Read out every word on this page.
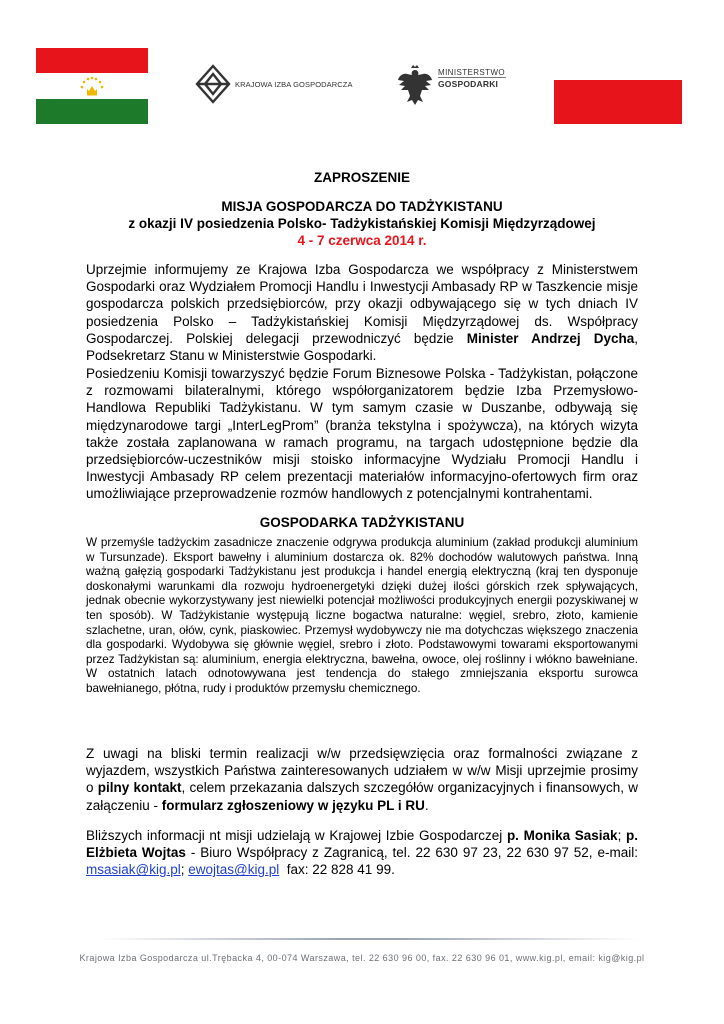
KRAJOWA IZBA GOSPODARCZA
MINISTERSTWO
GOSPODARKI
ZAPROSZENIE
MISJA GOSPODARCZA DO TADŻYKISTANU
z okazji IV posiedzenia Polsko- Tadżykistańskiej Komisji Międzyrządowej
4 - 7 czerwca 2014 r.
Uprzejmie informujemy ze Krajowa Izba Gospodarcza we współpracy z Ministerstwem Gospodarki oraz Wydziałem Promocji Handlu i Inwestycji Ambasady RP w Taszkencie misje gospodarcza polskich przedsiębiorców, przy okazji odbywającego się w tych dniach IV posiedzenia Polsko – Tadżykistańskiej Komisji Międzyrządowej ds. Współpracy Gospodarczej. Polskiej delegacji przewodniczyć będzie Minister Andrzej Dycha, Podsekretarz Stanu w Ministerstwie Gospodarki.
Posiedzeniu Komisji towarzyszyć będzie Forum Biznesowe Polska - Tadżykistan, połączone z rozmowami bilateralnymi, którego współorganizatorem będzie Izba Przemysłowo-Handlowa Republiki Tadżykistanu. W tym samym czasie w Duszanbe, odbywają się międzynarodowe targi „InterLegProm” (branża tekstylna i spożywcza), na których wizyta także została zaplanowana w ramach programu, na targach udostępnione będzie dla przedsiębiorców-uczestników misji stoisko informacyjne Wydziału Promocji Handlu i Inwestycji Ambasady RP celem prezentacji materiałów informacyjno-ofertowych firm oraz umożliwiające przeprowadzenie rozmów handlowych z potencjalnymi kontrahentami.
GOSPODARKA TADŻYKISTANU
W przemyśle tadżyckim zasadnicze znaczenie odgrywa produkcja aluminium (zakład produkcji aluminium w Tursunzade). Eksport bawełny i aluminium dostarcza ok. 82% dochodów walutowych państwa. Inną ważną gałęzią gospodarki Tadżykistanu jest produkcja i handel energią elektryczną (kraj ten dysponuje doskonałymi warunkami dla rozwoju hydroenergetyki dzięki dużej ilości górskich rzek spływających, jednak obecnie wykorzystywany jest niewielki potencjał możliwości produkcyjnych energii pozyskiwanej w ten sposób). W Tadżykistanie występują liczne bogactwa naturalne: węgiel, srebro, złoto, kamienie szlachetne, uran, ołów, cynk, piaskowiec. Przemysł wydobywczy nie ma dotychczas większego znaczenia dla gospodarki. Wydobywa się głównie węgiel, srebro i złoto. Podstawowymi towarami eksportowanymi przez Tadżykistan są: aluminium, energia elektryczna, bawełna, owoce, olej roślinny i włókno bawełniane. W ostatnich latach odnotowywana jest tendencja do stałego zmniejszania eksportu surowca bawełnianego, płótna, rudy i produktów przemysłu chemicznego.
Z uwagi na bliski termin realizacji w/w przedsięwzięcia oraz formalności związane z wyjazdem, wszystkich Państwa zainteresowanych udziałem w w/w Misji uprzejmie prosimy o pilny kontakt, celem przekazania dalszych szczegółów organizacyjnych i finansowych, w załączeniu - formularz zgłoszeniowy w języku PL i RU.
Bliższych informacji nt misji udzielają w Krajowej Izbie Gospodarczej p. Monika Sasiak; p. Elżbieta Wojtas - Biuro Współpracy z Zagranicą, tel. 22 630 97 23, 22 630 97 52, e-mail: msasiak@kig.pl; ewojtas@kig.pl  fax: 22 828 41 99.
Krajowa Izba Gospodarcza ul.Trębacka 4, 00-074 Warszawa, tel. 22 630 96 00, fax. 22 630 96 01, www.kig.pl, email: kig@kig.pl
